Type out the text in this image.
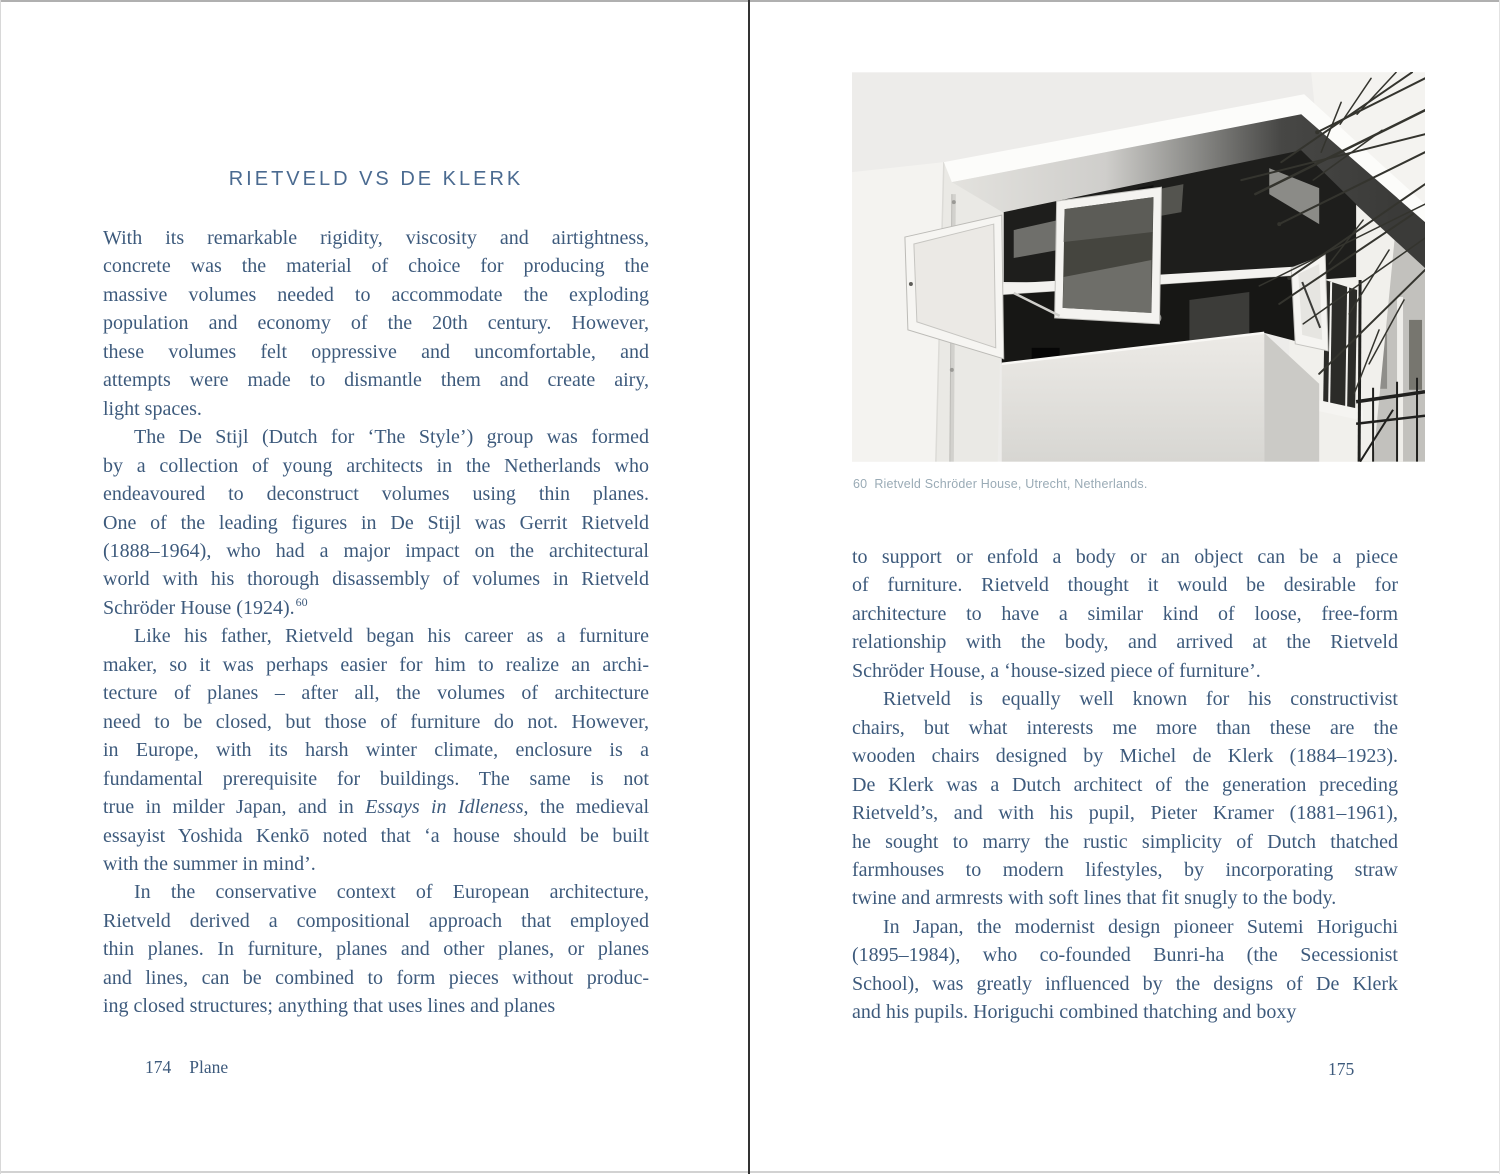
RIETVELD VS DE KLERK
With its remarkable rigidity, viscosity and airtightness,
concrete was the material of choice for producing the
massive volumes needed to accommodate the exploding
population and economy of the 20th century. However,
these volumes felt oppressive and uncomfortable, and
attempts were made to dismantle them and create airy,
light spaces.
The De Stijl (Dutch for ‘The Style’) group was formed
by a collection of young architects in the Netherlands who
endeavoured to deconstruct volumes using thin planes.
One of the leading figures in De Stijl was Gerrit Rietveld
(1888–1964), who had a major impact on the architectural
world with his thorough disassembly of volumes in Rietveld
Schröder House (1924).$^{60}$
Like his father, Rietveld began his career as a furniture
maker, so it was perhaps easier for him to realize an archi-
tecture of planes – after all, the volumes of architecture
need to be closed, but those of furniture do not. However,
in Europe, with its harsh winter climate, enclosure is a
fundamental prerequisite for buildings. The same is not
true in milder Japan, and in Essays in Idleness, the medieval
essayist Yoshida Kenkō noted that ‘a house should be built
with the summer in mind’.
In the conservative context of European architecture,
Rietveld derived a compositional approach that employed
thin planes. In furniture, planes and other planes, or planes
and lines, can be combined to form pieces without produc-
ing closed structures; anything that uses lines and planes
174 Plane
60 Rietveld Schröder House, Utrecht, Netherlands.
to support or enfold a body or an object can be a piece
of furniture. Rietveld thought it would be desirable for
architecture to have a similar kind of loose, free-form
relationship with the body, and arrived at the Rietveld
Schröder House, a ‘house-sized piece of furniture’.
Rietveld is equally well known for his constructivist
chairs, but what interests me more than these are the
wooden chairs designed by Michel de Klerk (1884–1923).
De Klerk was a Dutch architect of the generation preceding
Rietveld’s, and with his pupil, Pieter Kramer (1881–1961),
he sought to marry the rustic simplicity of Dutch thatched
farmhouses to modern lifestyles, by incorporating straw
twine and armrests with soft lines that fit snugly to the body.
In Japan, the modernist design pioneer Sutemi Horiguchi
(1895–1984), who co-founded Bunri-ha (the Secessionist
School), was greatly influenced by the designs of De Klerk
and his pupils. Horiguchi combined thatching and boxy
175
